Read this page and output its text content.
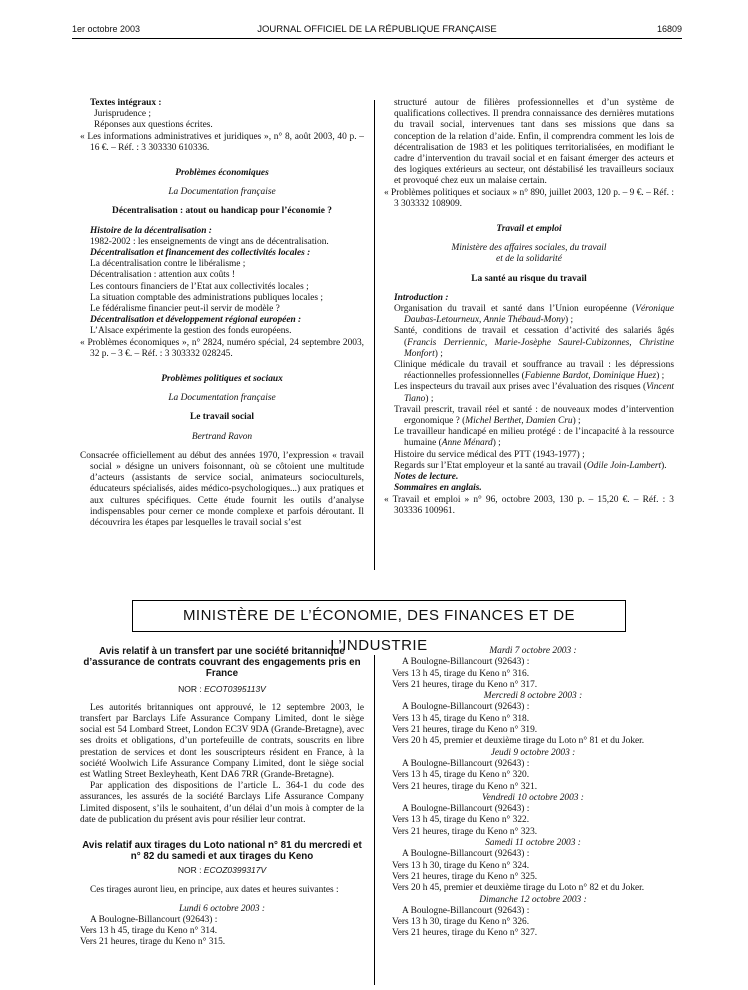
1er octobre 2003	JOURNAL OFFICIEL DE LA RÉPUBLIQUE FRANÇAISE	16809

Textes intégraux :

Jurisprudence ;

Réponses aux questions écrites.

« Les informations administratives et juridiques », n° 8, août 2003, 40 p. – 16 €. – Réf. : 3 303330 610336.

Problèmes économiques

La Documentation française

Décentralisation : atout ou handicap pour l’économie ?

Histoire de la décentralisation :

1982-2002 : les enseignements de vingt ans de décentralisation.

Décentralisation et financement des collectivités locales :

La décentralisation contre le libéralisme ;

Décentralisation : attention aux coûts !

Les contours financiers de l’Etat aux collectivités locales ;

La situation comptable des administrations publiques locales ;

Le fédéralisme financier peut-il servir de modèle ?

Décentralisation et développement régional européen :

L’Alsace expérimente la gestion des fonds européens.

« Problèmes économiques », n° 2824, numéro spécial, 24 septembre 2003, 32 p. – 3 €. – Réf. : 3 303332 028245.

Problèmes politiques et sociaux

La Documentation française

Le travail social

Bertrand Ravon

Consacrée officiellement au début des années 1970, l’expression « travail social » désigne un univers foisonnant, où se côtoient une multitude d’acteurs (assistants de service social, animateurs socioculturels, éducateurs spécialisés, aides médico-psychologiques...) aux pratiques et aux cultures spécifiques. Cette étude fournit les outils d’analyse indispensables pour cerner ce monde complexe et parfois déroutant. Il découvrira les étapes par lesquelles le travail social s’est

structuré autour de filières professionnelles et d’un système de qualifications collectives. Il prendra connaissance des dernières mutations du travail social, intervenues tant dans ses missions que dans sa conception de la relation d’aide. Enfin, il comprendra comment les lois de décentralisation de 1983 et les politiques territorialisées, en modifiant le cadre d’intervention du travail social et en faisant émerger des acteurs et des logiques extérieurs au secteur, ont déstabilisé les travailleurs sociaux et provoqué chez eux un malaise certain.

« Problèmes politiques et sociaux » n° 890, juillet 2003, 120 p. – 9 €. – Réf. : 3 303332 108909.

Travail et emploi

Ministère des affaires sociales, du travail

et de la solidarité

La santé au risque du travail

Introduction :

Organisation du travail et santé dans l’Union européenne (Véronique Daubas-Letourneux, Annie Thébaud-Mony) ;

Santé, conditions de travail et cessation d’activité des salariés âgés (Francis Derriennic, Marie-Josèphe Saurel-Cubizonnes, Christine Monfort) ;

Clinique médicale du travail et souffrance au travail : les dépressions réactionnelles professionnelles (Fabienne Bardot, Dominique Huez) ;

Les inspecteurs du travail aux prises avec l’évaluation des risques (Vincent Tiano) ;

Travail prescrit, travail réel et santé : de nouveaux modes d’intervention ergonomique ? (Michel Berthet, Damien Cru) ;

Le travailleur handicapé en milieu protégé : de l’incapacité à la ressource humaine (Anne Ménard) ;

Histoire du service médical des PTT (1943-1977) ;

Regards sur l’Etat employeur et la santé au travail (Odile Join-Lambert).

Notes de lecture.

Sommaires en anglais.

« Travail et emploi » n° 96, octobre 2003, 130 p. – 15,20 €. – Réf. : 3 303336 100961.

MINISTÈRE DE L’ÉCONOMIE, DES FINANCES ET DE L’INDUSTRIE

Avis relatif à un transfert par une société britannique d’assurance de contrats couvrant des engagements pris en France

NOR : ECOT0395113V

Les autorités britanniques ont approuvé, le 12 septembre 2003, le transfert par Barclays Life Assurance Company Limited, dont le siège social est 54 Lombard Street, London EC3V 9DA (Grande-Bretagne), avec ses droits et obligations, d’un portefeuille de contrats, souscrits en libre prestation de services et dont les souscripteurs résident en France, à la société Woolwich Life Assurance Company Limited, dont le siège social est Watling Street Bexleyheath, Kent DA6 7RR (Grande-Bretagne).

Par application des dispositions de l’article L. 364-1 du code des assurances, les assurés de la société Barclays Life Assurance Company Limited disposent, s’ils le souhaitent, d’un délai d’un mois à compter de la date de publication du présent avis pour résilier leur contrat.

Avis relatif aux tirages du Loto national n° 81 du mercredi et n° 82 du samedi et aux tirages du Keno

NOR : ECOZ0399317V

Ces tirages auront lieu, en principe, aux dates et heures suivantes :

Lundi 6 octobre 2003 :

A Boulogne-Billancourt (92643) :

Vers 13 h 45, tirage du Keno n° 314.

Vers 21 heures, tirage du Keno n° 315.

Mardi 7 octobre 2003 :

A Boulogne-Billancourt (92643) :

Vers 13 h 45, tirage du Keno n° 316.

Vers 21 heures, tirage du Keno n° 317.

Mercredi 8 octobre 2003 :

A Boulogne-Billancourt (92643) :

Vers 13 h 45, tirage du Keno n° 318.

Vers 21 heures, tirage du Keno n° 319.

Vers 20 h 45, premier et deuxième tirage du Loto n° 81 et du Joker.

Jeudi 9 octobre 2003 :

A Boulogne-Billancourt (92643) :

Vers 13 h 45, tirage du Keno n° 320.

Vers 21 heures, tirage du Keno n° 321.

Vendredi 10 octobre 2003 :

A Boulogne-Billancourt (92643) :

Vers 13 h 45, tirage du Keno n° 322.

Vers 21 heures, tirage du Keno n° 323.

Samedi 11 octobre 2003 :

A Boulogne-Billancourt (92643) :

Vers 13 h 30, tirage du Keno n° 324.

Vers 21 heures, tirage du Keno n° 325.

Vers 20 h 45, premier et deuxième tirage du Loto n° 82 et du Joker.

Dimanche 12 octobre 2003 :

A Boulogne-Billancourt (92643) :

Vers 13 h 30, tirage du Keno n° 326.

Vers 21 heures, tirage du Keno n° 327.
